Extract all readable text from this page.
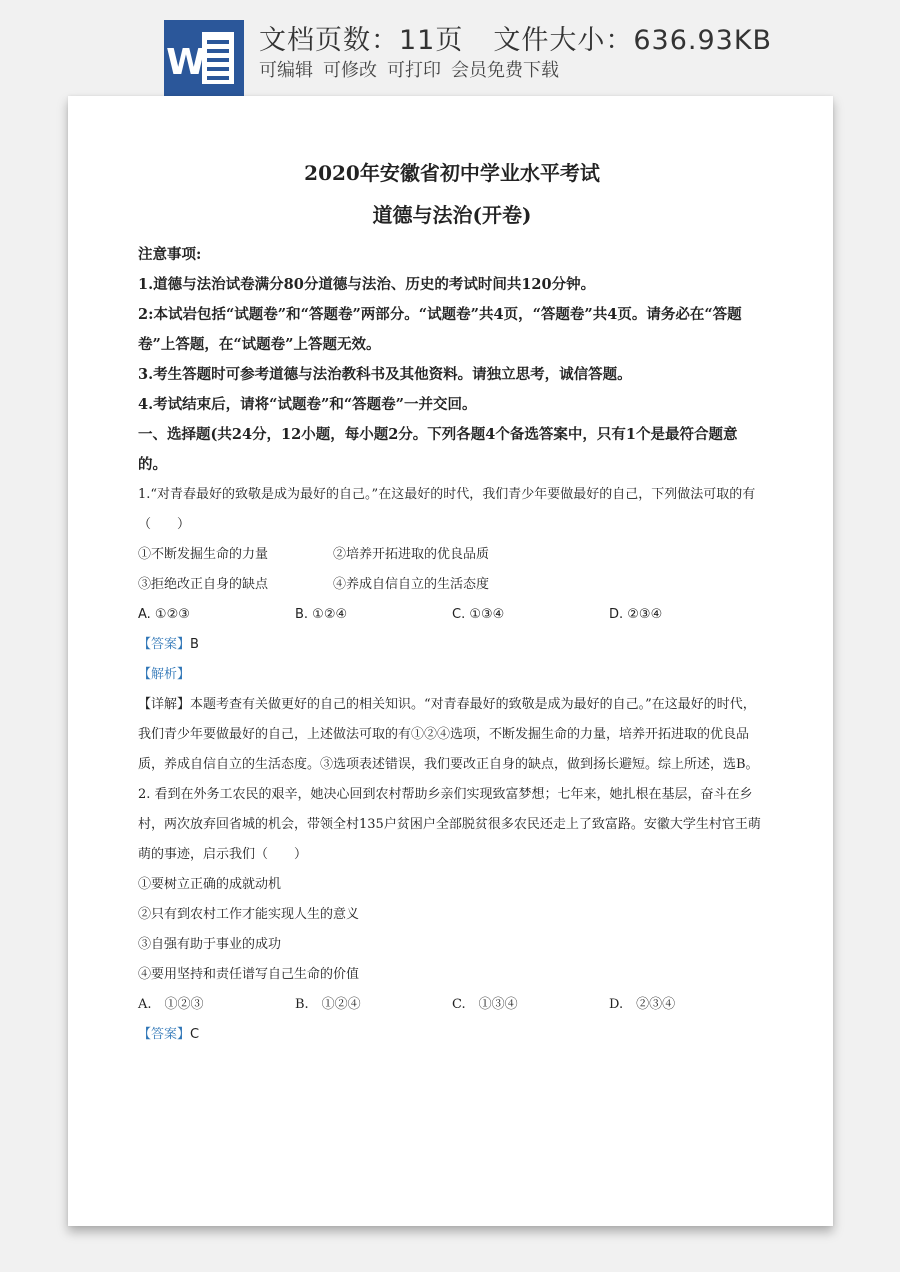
W
文档页数：11页 文件大小：636.93KB
可编辑 可修改 可打印 会员免费下载

2020年安徽省初中学业水平考试

道德与法治(开卷)

注意事项:

1.道德与法治试卷满分80分道德与法治、历史的考试时间共120分钟。

2:本试岩包括“试题卷”和“答题卷”两部分。“试题卷”共4页，“答题卷”共4页。请务必在“答题卷”上答题，在“试题卷”上答题无效。

3.考生答题时可参考道德与法治教科书及其他资料。请独立思考，诚信答题。

4.考试结束后，请将“试题卷”和“答题卷”一并交回。

一、选择题(共24分，12小题，每小题2分。下列各题4个备选答案中，只有1个是最符合题意的。

1.“对青春最好的致敬是成为最好的自己。”在这最好的时代，我们青少年要做最好的自己，下列做法可取的有（　　）

①不断发掘生命的力量	②培养开拓进取的优良品质
③拒绝改正自身的缺点	④养成自信自立的生活态度
A. ①②③	B. ①②④	C. ①③④	D. ②③④

【答案】B

【解析】

【详解】本题考查有关做更好的自己的相关知识。“对青春最好的致敬是成为最好的自己。”在这最好的时代，我们青少年要做最好的自己，上述做法可取的有①②④选项，不断发掘生命的力量，培养开拓进取的优良品质，养成自信自立的生活态度。③选项表述错误，我们要改正自身的缺点，做到扬长避短。综上所述，选B。

2. 看到在外务工农民的艰辛，她决心回到农村帮助乡亲们实现致富梦想；七年来，她扎根在基层，奋斗在乡村，两次放弃回省城的机会，带领全村135户贫困户全部脱贫很多农民还走上了致富路。安徽大学生村官王萌萌的事迹，启示我们（　　）

①要树立正确的成就动机

②只有到农村工作才能实现人生的意义

③自强有助于事业的成功

④要用坚持和责任谱写自己生命的价值

A.　①②③	B.　①②④	C.　①③④	D.　②③④

【答案】C
